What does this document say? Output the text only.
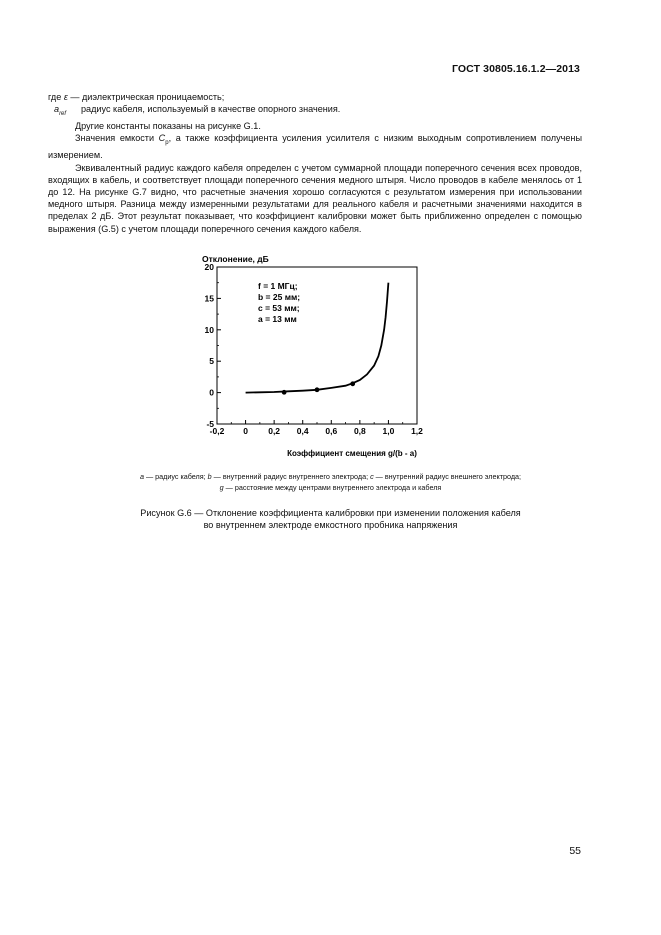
ГОСТ 30805.16.1.2—2013

где ε — диэлектрическая проницаемость;

$a_{ref}$	радиус кабеля, используемый в качестве опорного значения.

Другие константы показаны на рисунке G.1.

Значения емкости $C_p$, а также коэффициента усиления усилителя с низким выходным сопротивлением получены измерением.

Эквивалентный радиус каждого кабеля определен с учетом суммарной площади поперечного сечения всех проводов, входящих в кабель, и соответствует площади поперечного сечения медного штыря. Число проводов в кабеле менялось от 1 до 12. На рисунке G.7 видно, что расчетные значения хорошо согласуются с результатом измерения при использовании медного штыря. Разница между измеренными результатами для реального кабеля и расчетными значениями находится в пределах 2 дБ. Этот результат показывает, что коэффициент калибровки может быть приближенно определен с помощью выражения (G.5) с учетом площади поперечного сечения каждого кабеля.

Отклонение, дБ
-5
0
5
10
15
20
-0,2 0 0,2 0,4 0,6 0,8 1,0 1,2
f = 1 МГц;
b = 25 мм;
c = 53 мм;
a = 13 мм
Коэффициент смещения g/(b - a)
a — радиус кабеля; b — внутренний радиус внутреннего электрода; c — внутренний радиус внешнего электрода;
g — расстояние между центрами внутреннего электрода и кабеля
Рисунок G.6 — Отклонение коэффициента калибровки при изменении положения кабеля
во внутреннем электроде емкостного пробника напряжения
55
